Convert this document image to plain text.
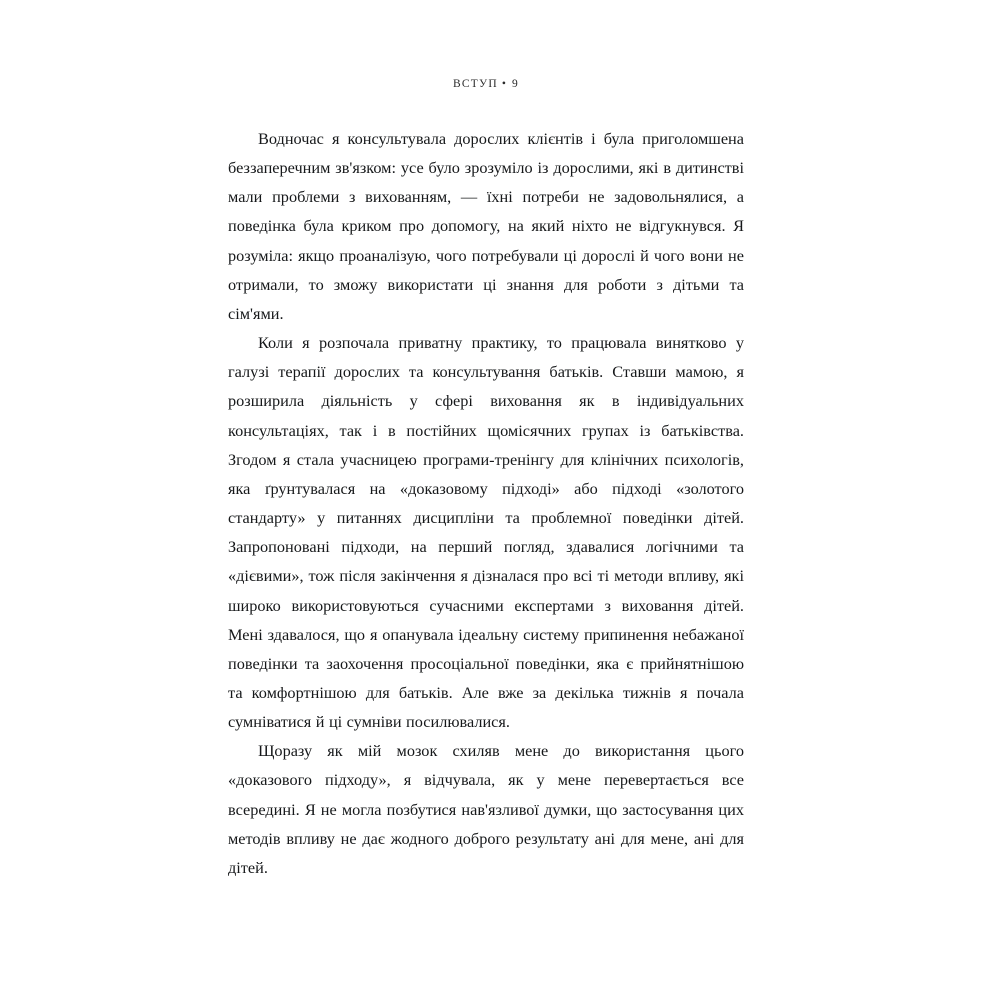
ВСТУП • 9

Водночас я консультувала дорослих клієнтів і була приголомшена беззаперечним зв'язком: усе було зрозуміло із дорослими, які в дитинстві мали проблеми з вихованням, — їхні потреби не задовольнялися, а поведінка була криком про допомогу, на який ніхто не відгукнувся. Я розуміла: якщо проаналізую, чого потребували ці дорослі й чого вони не отримали, то зможу використати ці знання для роботи з дітьми та сім'ями.

Коли я розпочала приватну практику, то працювала винятково у галузі терапії дорослих та консультування батьків. Ставши мамою, я розширила діяльність у сфері виховання як в індивідуальних консультаціях, так і в постійних щомісячних групах із батьківства. Згодом я стала учасницею програми-тренінгу для клінічних психологів, яка ґрунтувалася на «доказовому підході» або підході «золотого стандарту» у питаннях дисципліни та проблемної поведінки дітей. Запропоновані підходи, на перший погляд, здавалися логічними та «дієвими», тож після закінчення я дізналася про всі ті методи впливу, які широко використовуються сучасними експертами з виховання дітей. Мені здавалося, що я опанувала ідеальну систему припинення небажаної поведінки та заохочення просоціальної поведінки, яка є прийнятнішою та комфортнішою для батьків. Але вже за декілька тижнів я почала сумніватися й ці сумніви посилювалися.

Щоразу як мій мозок схиляв мене до використання цього «доказового підходу», я відчувала, як у мене перевертається все всередині. Я не могла позбутися нав'язливої думки, що застосування цих методів впливу не дає жодного доброго результату ані для мене, ані для дітей.
